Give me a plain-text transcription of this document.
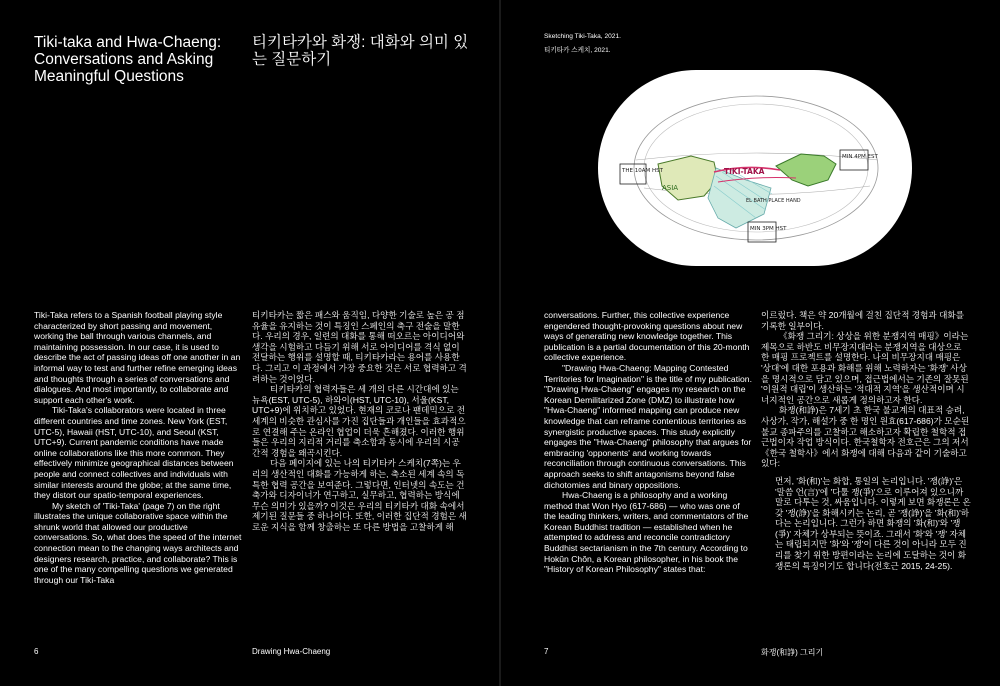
Tiki-taka and Hwa-Chaeng: Conversations and Asking Meaningful Questions
티키타카와 화쟁: 대화와 의미 있는 질문하기

Tiki-Taka refers to a Spanish football playing style characterized by short passing and movement, working the ball through various channels, and maintaining possession. In our case, it is used to describe the act of passing ideas off one another in an informal way to test and further refine emerging ideas and thoughts through a series of conversations and dialogues. And most importantly, to collaborate and support each other's work.

Tiki-Taka's collaborators were located in three different countries and time zones. New York (EST, UTC-5), Hawaii (HST, UTC-10), and Seoul (KST, UTC+9). Current pandemic conditions have made online collaborations like this more common. They effectively minimize geographical distances between people and connect collectives and individuals with similar interests around the globe; at the same time, they distort our spatio-temporal experiences.

My sketch of 'Tiki-Taka' (page 7) on the right illustrates the unique collaborative space within the shrunk world that allowed our productive conversations. So, what does the speed of the internet connection mean to the changing ways architects and designers research, practice, and collaborate? This is one of the many compelling questions we generated through our Tiki-Taka

티키타카는 짧은 패스와 움직임, 다양한 기술로 높은 공 점유율을 유지하는 것이 특징인 스페인의 축구 전술을 말한다. 우리의 경우, 일련의 대화를 통해 떠오르는 아이디어와 생각을 시험하고 다듬기 위해 서로 아이디어를 격식 없이 전달하는 행위를 설명할 때, 티키타카라는 용어를 사용한다. 그리고 이 과정에서 가장 중요한 것은 서로 협력하고 격려하는 것이었다.

티키타카의 협력자들은 세 개의 다른 시간대에 있는 뉴욕(EST, UTC-5), 하와이(HST, UTC-10), 서울(KST, UTC+9)에 위치하고 있었다. 현재의 코로나 팬데믹으로 전 세계의 비슷한 관심사를 가진 집단들과 개인들을 효과적으로 연결해 주는 온라인 협업이 더욱 흔해졌다. 이러한 행위들은 우리의 지리적 거리를 축소함과 동시에 우리의 시공간적 경험을 왜곡시킨다.

다음 페이지에 있는 나의 티키타카 스케치(7쪽)는 우리의 생산적인 대화를 가능하게 하는, 축소된 세계 속의 독특한 협력 공간을 보여준다. 그렇다면, 인터넷의 속도는 건축가와 디자이너가 연구하고, 실무하고, 협력하는 방식에 무슨 의미가 있을까? 이것은 우리의 티키타카 대화 속에서 제기된 질문들 중 하나이다. 또한, 이러한 집단적 경험은 새로운 지식을 함께 창출하는 또 다른 방법을 고찰하게 해

6	Drawing Hwa-Chaeng

Sketching Tiki-Taka, 2021.

티키타카 스케치, 2021.

THE 10AM HST
ASIA
TIKI-TAKA
EL BATH PLACE HAND
MIN 4PM EST
MIN 3PM HST

conversations. Further, this collective experience engendered thought-provoking questions about new ways of generating new knowledge together. This publication is a partial documentation of this 20-month collective experience.

"Drawing Hwa-Chaeng: Mapping Contested Territories for Imagination" is the title of my publication. "Drawing Hwa-Chaeng" engages my research on the Korean Demilitarized Zone (DMZ) to illustrate how "Hwa-Chaeng" informed mapping can produce new knowledge that can reframe contentious territories as synergistic productive spaces. This study explicitly engages the "Hwa-Chaeng" philosophy that argues for embracing 'opponents' and working towards reconciliation through continuous conversations. This approach seeks to shift antagonisms beyond false dichotomies and binary oppositions.

Hwa-Chaeng is a philosophy and a working method that Won Hyo (617-686) — who was one of the leading thinkers, writers, and commentators of the Korean Buddhist tradition — established when he attempted to address and reconcile contradictory Buddhist sectarianism in the 7th century. According to Hokŭn Chŏn, a Korean philosopher, in his book the "History of Korean Philosophy" states that:

이르렀다. 책은 약 20개월에 걸친 집단적 경험과 대화를 기록한 일부이다.

《화쟁 그리기: 상상을 위한 분쟁지역 매핑》이라는 제목으로 하반도 비무장지대라는 분쟁지역을 대상으로 한 매핑 프로젝트를 설명한다. 나의 비무장지대 매핑은 '상대'에 대한 포용과 화해를 위해 노력하자는 '화쟁' 사상을 명시적으로 담고 있으며, 접근법에서는 기존의 잘못된 '이원적 대립'이 생산하는 '적대적 지역'을 생산적이며 시너지적인 공간으로 새롭게 정의하고자 한다.

화쟁(和諍)은 7세기 초 한국 불교계의 대표적 승려, 사상가, 작가, 해설가 중 한 명인 원효(617-686)가 모순된 불교 종파주의를 고찰하고 해소하고자 확립한 철학적 접근법이자 작업 방식이다. 한국철학자 전호근은 그의 저서 《한국 철학사》에서 화쟁에 대해 다음과 같이 기술하고 있다:

먼저, '화(和)'는 화합, 통일의 논리입니다. '쟁(諍)'은 '말씀 언(言)'에 '다툴 쟁(爭)'으로 이루어져 있으니까 말로 다투는 것, 싸움입니다. 이렇게 보면 화쟁론은 온갖 '쟁(諍)'을 화해시키는 논리, 곧 '쟁(諍)'을 '화(和)'하다는 논리입니다. 그런가 하면 화쟁의 '화(和)'와 '쟁(爭)' 자체가 상부되는 뜻이죠. 그래서 '화'와 '쟁' 자체는 태립되지만 '화'와 '쟁'이 다른 것이 아니라 모두 진리를 찾기 위한 방편이라는 논리에 도달하는 것이 화쟁론의 특징이기도 합니다(전호근 2015, 24-25).

7	화쟁(和諍) 그리기
